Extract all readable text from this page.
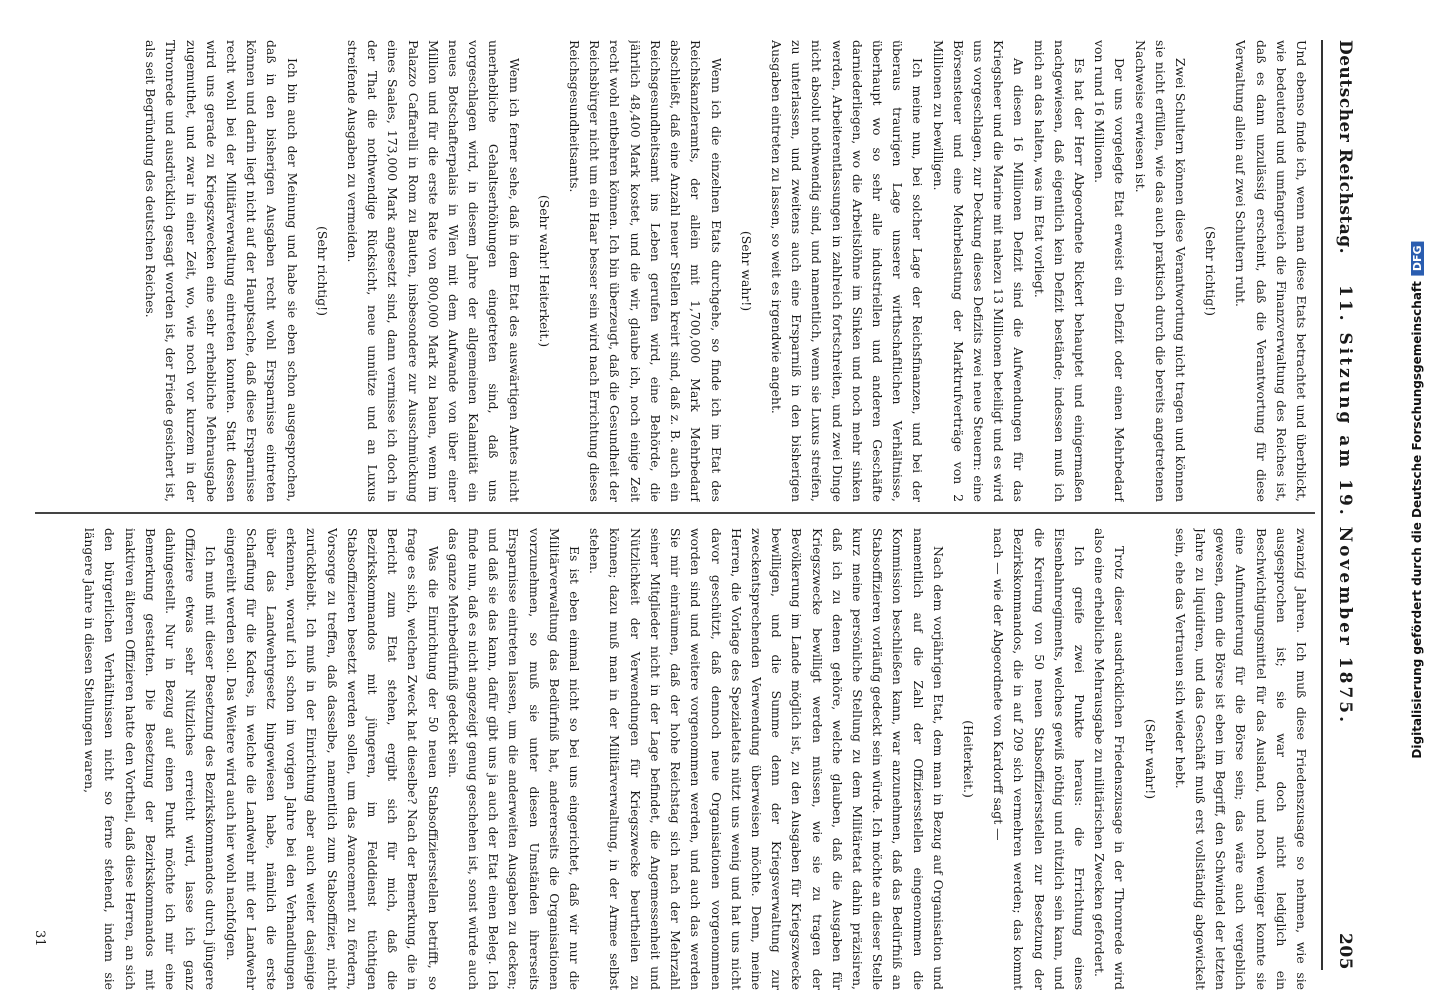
Deutscher Reichstag.
11. Sitzung am 19. November 1875.
205

Und ebenso finde ich, wenn man diese Etats betrachtet und überblickt, wie bedeutend und umfangreich die Finanzverwaltung des Reiches ist, daß es dann unzulässig erscheint, daß die Verantwortung für diese Verwaltung allein auf zwei Schultern ruht.

(Sehr richtig!)

Zwei Schultern können diese Verantwortung nicht tragen und können sie nicht erfüllen, wie das auch praktisch durch die bereits angetretenen Nachweise erwiesen ist.

Der uns vorgelegte Etat erweist ein Defizit oder einen Mehrbedarf von rund 16 Millionen.

Es hat der Herr Abgeordnete Rickert behauptet und einigermaßen nachgewiesen, daß eigentlich kein Defizit bestände; indessen muß ich mich an das halten, was im Etat vorliegt.

An diesen 16 Millionen Defizit sind die Aufwendungen für das Kriegsheer und die Marine mit nahezu 13 Millionen beteiligt und es wird uns vorgeschlagen, zur Deckung dieses Defizits zwei neue Steuern: eine Börsensteuer und eine Mehrbelastung der Marktrufverträge von 2 Millionen zu bewilligen.

Ich meine nun, bei solcher Lage der Reichsfinanzen, und bei der überaus traurigen Lage unserer wirthschaftlichen Verhältnisse, überhaupt wo so sehr alle industriellen und anderen Geschäfte darniederliegen, wo die Arbeitslöhne im Sinken und noch mehr sinken werden, Arbeiterentlassungen in zahlreich fortschreiten, und zwei Dinge nicht absolut nothwendig sind, und namentlich, wenn sie Luxus streifen, zu unterlassen, und zweitens auch eine Ersparniß in den bisherigen Ausgaben eintreten zu lassen, so weit es irgendwie angeht.

(Sehr wahr!)

Wenn ich die einzelnen Etats durchgehe, so finde ich im Etat des Reichskanzleramts, der allein mit 1,700,000 Mark Mehrbedarf abschließt, daß eine Anzahl neuer Stellen kreirt sind, daß z. B. auch ein Reichsgesundheitsamt ins Leben gerufen wird, eine Behörde, die jährlich 48,400 Mark kostet, und die wir, glaube ich, noch einige Zeit recht wohl entbehren können. Ich bin überzeugt, daß die Gesundheit der Reichsbürger nicht um ein Haar besser sein wird nach Errichtung dieses Reichsgesundheitsamts.

(Sehr wahr! Heiterkeit.)

Wenn ich ferner sehe, daß in dem Etat des auswärtigen Amtes nicht unerhebliche Gehaltserhöhungen eingetreten sind, daß uns vorgeschlagen wird, in diesem Jahre der allgemeinen Kalamität ein neues Botschafterpalais in Wien mit dem Aufwande von über einer Million und für die erste Rate von 800,000 Mark zu bauen, wenn im Palazzo Caffarelli in Rom zu Bauten, insbesondere zur Ausschmückung eines Saales, 173,000 Mark angesetzt sind, dann vermisse ich doch in der That die nothwendige Rücksicht, neue unnütze und an Luxus streifende Ausgaben zu vermeiden.

(Sehr richtig!)

Ich bin auch der Meinung und habe sie eben schon ausgesprochen, daß in den bisherigen Ausgaben recht wohl Ersparnisse eintreten können und darin liegt nicht auf der Hauptsache, daß diese Ersparnisse recht wohl bei der Militärverwaltung eintreten konnten. Statt dessen wird uns gerade zu Kriegszwecken eine sehr erhebliche Mehrausgabe zugemuthet, und zwar in einer Zeit, wo, wie noch vor kurzem in der Thronrede und ausdrücklich gesagt worden ist, der Friede gesichert ist, als seit Begründung des deutschen Reiches.

zwanzig Jahren. Ich muß diese Friedenszusage so nehmen, wie sie ausgesprochen ist; sie war doch nicht lediglich ein Beschwichtigungsmittel für das Ausland, und noch weniger konnte sie eine Aufmunterung für die Börse sein; das wäre auch vergeblich gewesen, denn die Börse ist eben im Begriff, den Schwindel der letzten Jahre zu liquidiren, und das Geschäft muß erst vollständig abgewickelt sein, ehe das Vertrauen sich wieder hebt.

(Sehr wahr!)

Trotz dieser ausdrücklichen Friedenszusage in der Thronrede wird also eine erhebliche Mehrausgabe zu militärischen Zwecken gefordert.

Ich greife zwei Punkte heraus: die Errichtung eines Eisenbahnregiments, welches gewiß nöthig und nützlich sein kann, und die Kreirung von 50 neuen Stabsoffiziersstellen zur Besetzung der Bezirkskommandos, die in auf 209 sich vermehren werden; das kommt nach — wie der Abgeordnete von Kardorff sagt —

(Heiterkeit.)

Nach dem vorjährigen Etat, dem man in Bezug auf Organisation und namentlich auf die Zahl der Offiziersstellen eingenommen die Kommission beschließen kann, war anzunehmen, daß das Bedürfniß an Stabsoffizieren vorläufig gedeckt sein würde. Ich möchte an dieser Stelle kurz meine persönliche Stellung zu dem Militäretat dahin präzisiren, daß ich zu denen gehöre, welche glauben, daß die Ausgaben für Kriegszwecke bewilligt werden müssen, wie sie zu tragen der Bevölkerung im Lande möglich ist, zu den Ausgaben für Kriegszwecke bewilligen, und die Summe denn der Kriegsverwaltung zur zweckentsprechenden Verwendung überweisen möchte. Denn, meine Herren, die Vorlage des Spezialetats nützt uns wenig und hat uns nicht davor geschützt, daß dennoch neue Organisationen vorgenommen worden sind und weitere vorgenommen werden, und auch das werden Sie mir einräumen, daß der hohe Reichstag sich nach der Mehrzahl seiner Mitglieder nicht in der Lage befindet, die Angemessenheit und Nützlichkeit der Verwendungen für Kriegszwecke beurtheilen zu können; dazu muß man in der Militärverwaltung, in der Armee selbst stehen.

Es ist eben einmal nicht so bei uns eingerichtet, daß wir nur die Militärverwaltung das Bedürfniß hat, andererseits die Organisationen vorzunehmen, so muß sie unter diesen Umständen ihrerseits Ersparnisse eintreten lassen, um die anderweiten Ausgaben zu decken; und daß sie das kann, dafür gibt uns ja auch der Etat einen Beleg. Ich finde nun, daß es nicht angezeigt genug geschehen ist, sonst würde auch das ganze Mehrbedürfniß gedeckt sein.

Was die Einrichtung der 50 neuen Stabsoffiziersstellen betrifft, so frage es sich, welchen Zweck hat dieselbe? Nach der Bemerkung, die in Bericht zum Etat stehen, ergibt sich für mich, daß die Bezirkskommandos mit jüngeren, im Felddienst tüchtigen Stabsoffizieren besetzt werden sollen, um das Avancement zu fördern, Vorsorge zu treffen, daß dasselbe, namentlich zum Stabsoffizier, nicht zurückbleibt. Ich muß in der Einrichtung aber auch weiter dasjenige erkennen, worauf ich schon im vorigen Jahre bei den Verhandlungen über das Landwehrgesetz hingewiesen habe, nämlich die erste Schaffung für die Kadres, in welche die Landwehr mit der Landwehr eingereiht werden soll. Das Weitere wird auch hier wohl nachfolgen.

Ich muß mit dieser Besetzung des Bezirkskommandos durch jüngere Offiziere etwas sehr Nützliches erreicht wird, lasse ich ganz dahingestellt. Nur in Bezug auf einen Punkt möchte ich mir eine Bemerkung gestatten. Die Besetzung der Bezirkskommandos mit inaktiven älteren Offizieren hatte den Vortheil, daß diese Herren, an sich den bürgerlichen Verhältnissen nicht so ferne stehend, indem sie längere Jahre in diesen Stellungen waren,

31
Digitalisierung gefördert durch die Deutsche ForschungsgemeinschaftDFG
